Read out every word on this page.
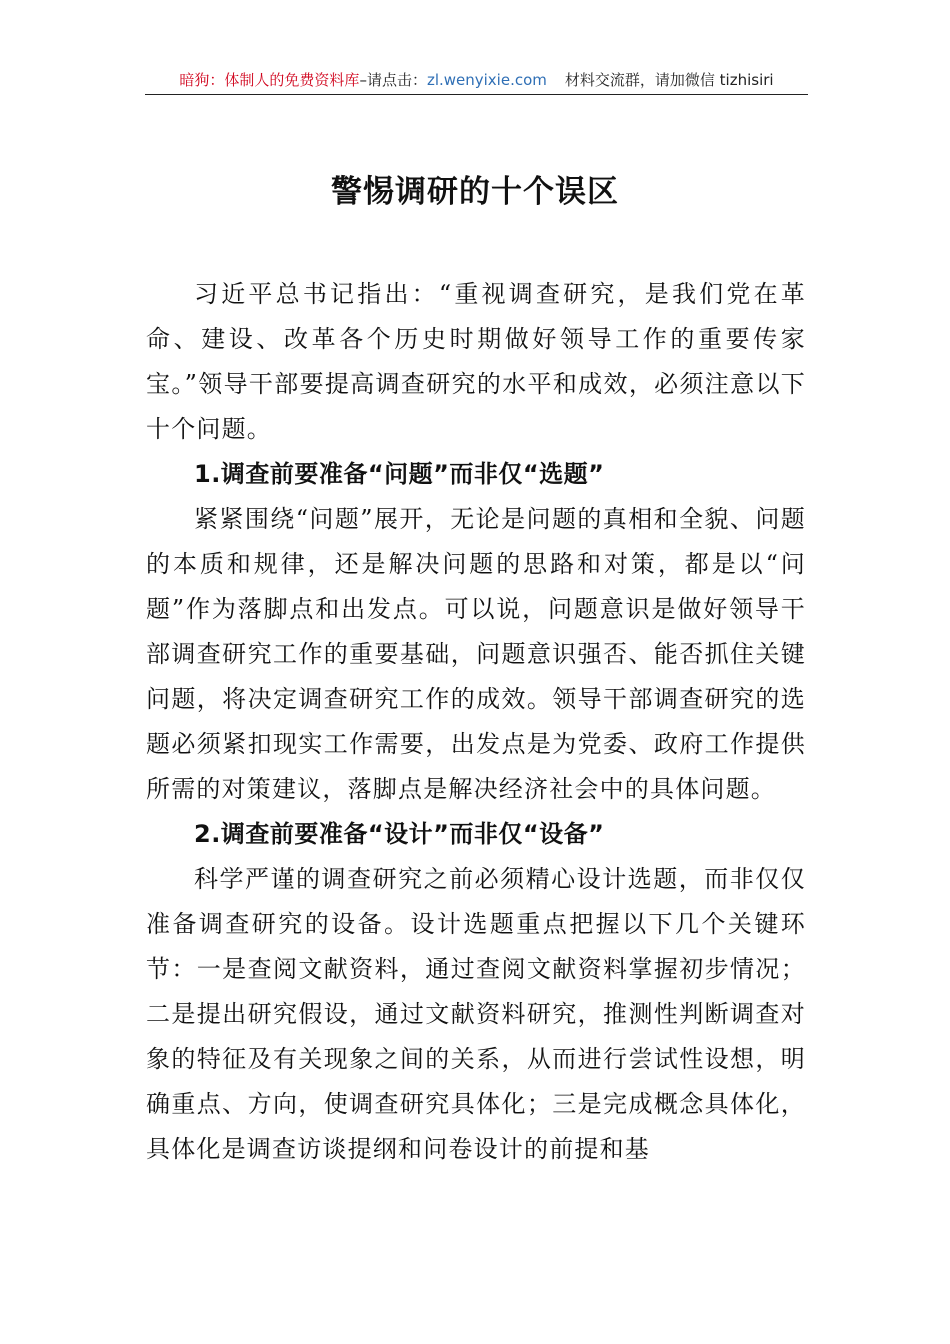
暗狗：体制人的免费资料库–请点击：zl.wenyixie.com 材料交流群，请加微信 tizhisiri
警惕调研的十个误区

习近平总书记指出：“重视调查研究，是我们党在革命、建设、改革各个历史时期做好领导工作的重要传家宝。”领导干部要提高调查研究的水平和成效，必须注意以下十个问题。

1.调查前要准备“问题”而非仅“选题”

紧紧围绕“问题”展开，无论是问题的真相和全貌、问题的本质和规律，还是解决问题的思路和对策，都是以“问题”作为落脚点和出发点。可以说，问题意识是做好领导干部调查研究工作的重要基础，问题意识强否、能否抓住关键问题，将决定调查研究工作的成效。领导干部调查研究的选题必须紧扣现实工作需要，出发点是为党委、政府工作提供所需的对策建议，落脚点是解决经济社会中的具体问题。

2.调查前要准备“设计”而非仅“设备”

科学严谨的调查研究之前必须精心设计选题，而非仅仅准备调查研究的设备。设计选题重点把握以下几个关键环节：一是查阅文献资料，通过查阅文献资料掌握初步情况；二是提出研究假设，通过文献资料研究，推测性判断调查对象的特征及有关现象之间的关系，从而进行尝试性设想，明确重点、方向，使调查研究具体化；三是完成概念具体化，具体化是调查访谈提纲和问卷设计的前提和基
